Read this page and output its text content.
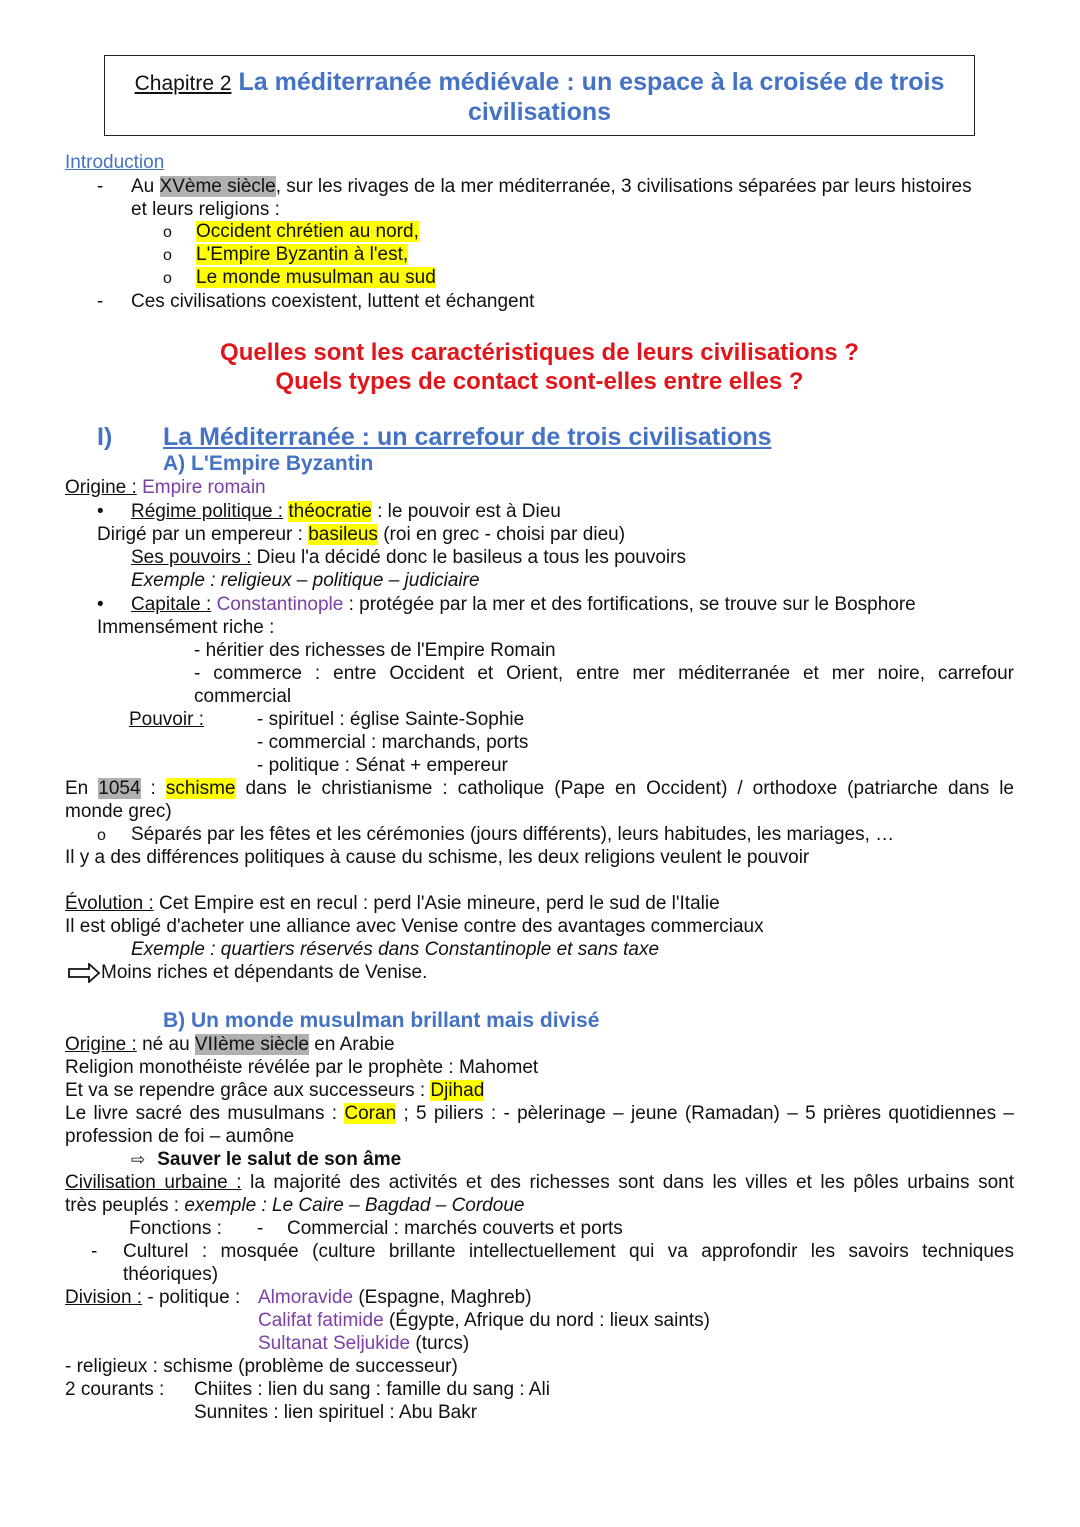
Chapitre 2 La méditerranée médiévale : un espace à la croisée de trois
civilisations
Introduction
- Au XVème siècle, sur les rivages de la mer méditerranée, 3 civilisations séparées par leurs histoires
et leurs religions :
o Occident chrétien au nord,
o L'Empire Byzantin à l'est,
o Le monde musulman au sud
- Ces civilisations coexistent, luttent et échangent
Quelles sont les caractéristiques de leurs civilisations ?
Quels types de contact sont-elles entre elles ?
I) La Méditerranée : un carrefour de trois civilisations
A) L'Empire Byzantin
Origine : Empire romain
• Régime politique : théocratie : le pouvoir est à Dieu
Dirigé par un empereur : basileus (roi en grec - choisi par dieu)
Ses pouvoirs : Dieu l'a décidé donc le basileus a tous les pouvoirs
Exemple : religieux – politique – judiciaire
• Capitale : Constantinople : protégée par la mer et des fortifications, se trouve sur le Bosphore
Immensément riche :
- héritier des richesses de l'Empire Romain
- commerce : entre Occident et Orient, entre mer méditerranée et mer noire, carrefour
commercial
Pouvoir :	- spirituel : église Sainte-Sophie
- commercial : marchands, ports
- politique : Sénat + empereur
En 1054 : schisme dans le christianisme : catholique (Pape en Occident) / orthodoxe (patriarche dans le
monde grec)
o Séparés par les fêtes et les cérémonies (jours différents), leurs habitudes, les mariages, …
Il y a des différences politiques à cause du schisme, les deux religions veulent le pouvoir
Évolution : Cet Empire est en recul : perd l'Asie mineure, perd le sud de l'Italie
Il est obligé d'acheter une alliance avec Venise contre des avantages commerciaux
Exemple : quartiers réservés dans Constantinople et sans taxe
Moins riches et dépendants de Venise.
B) Un monde musulman brillant mais divisé
Origine : né au VIIème siècle en Arabie
Religion monothéiste révélée par le prophète : Mahomet
Et va se rependre grâce aux successeurs : Djihad
Le livre sacré des musulmans : Coran ; 5 piliers : - pèlerinage – jeune (Ramadan) – 5 prières quotidiennes –
profession de foi – aumône
⇨ Sauver le salut de son âme
Civilisation urbaine : la majorité des activités et des richesses sont dans les villes et les pôles urbains sont
très peuplés : exemple : Le Caire – Bagdad – Cordoue
Fonctions : - Commercial : marchés couverts et ports
- Culturel : mosquée (culture brillante intellectuellement qui va approfondir les savoirs techniques
théoriques)
Division : - politique : Almoravide (Espagne, Maghreb)
Califat fatimide (Égypte, Afrique du nord : lieux saints)
Sultanat Seljukide (turcs)
- religieux : schisme (problème de successeur)
2 courants : Chiites : lien du sang : famille du sang : Ali
Sunnites : lien spirituel : Abu Bakr
